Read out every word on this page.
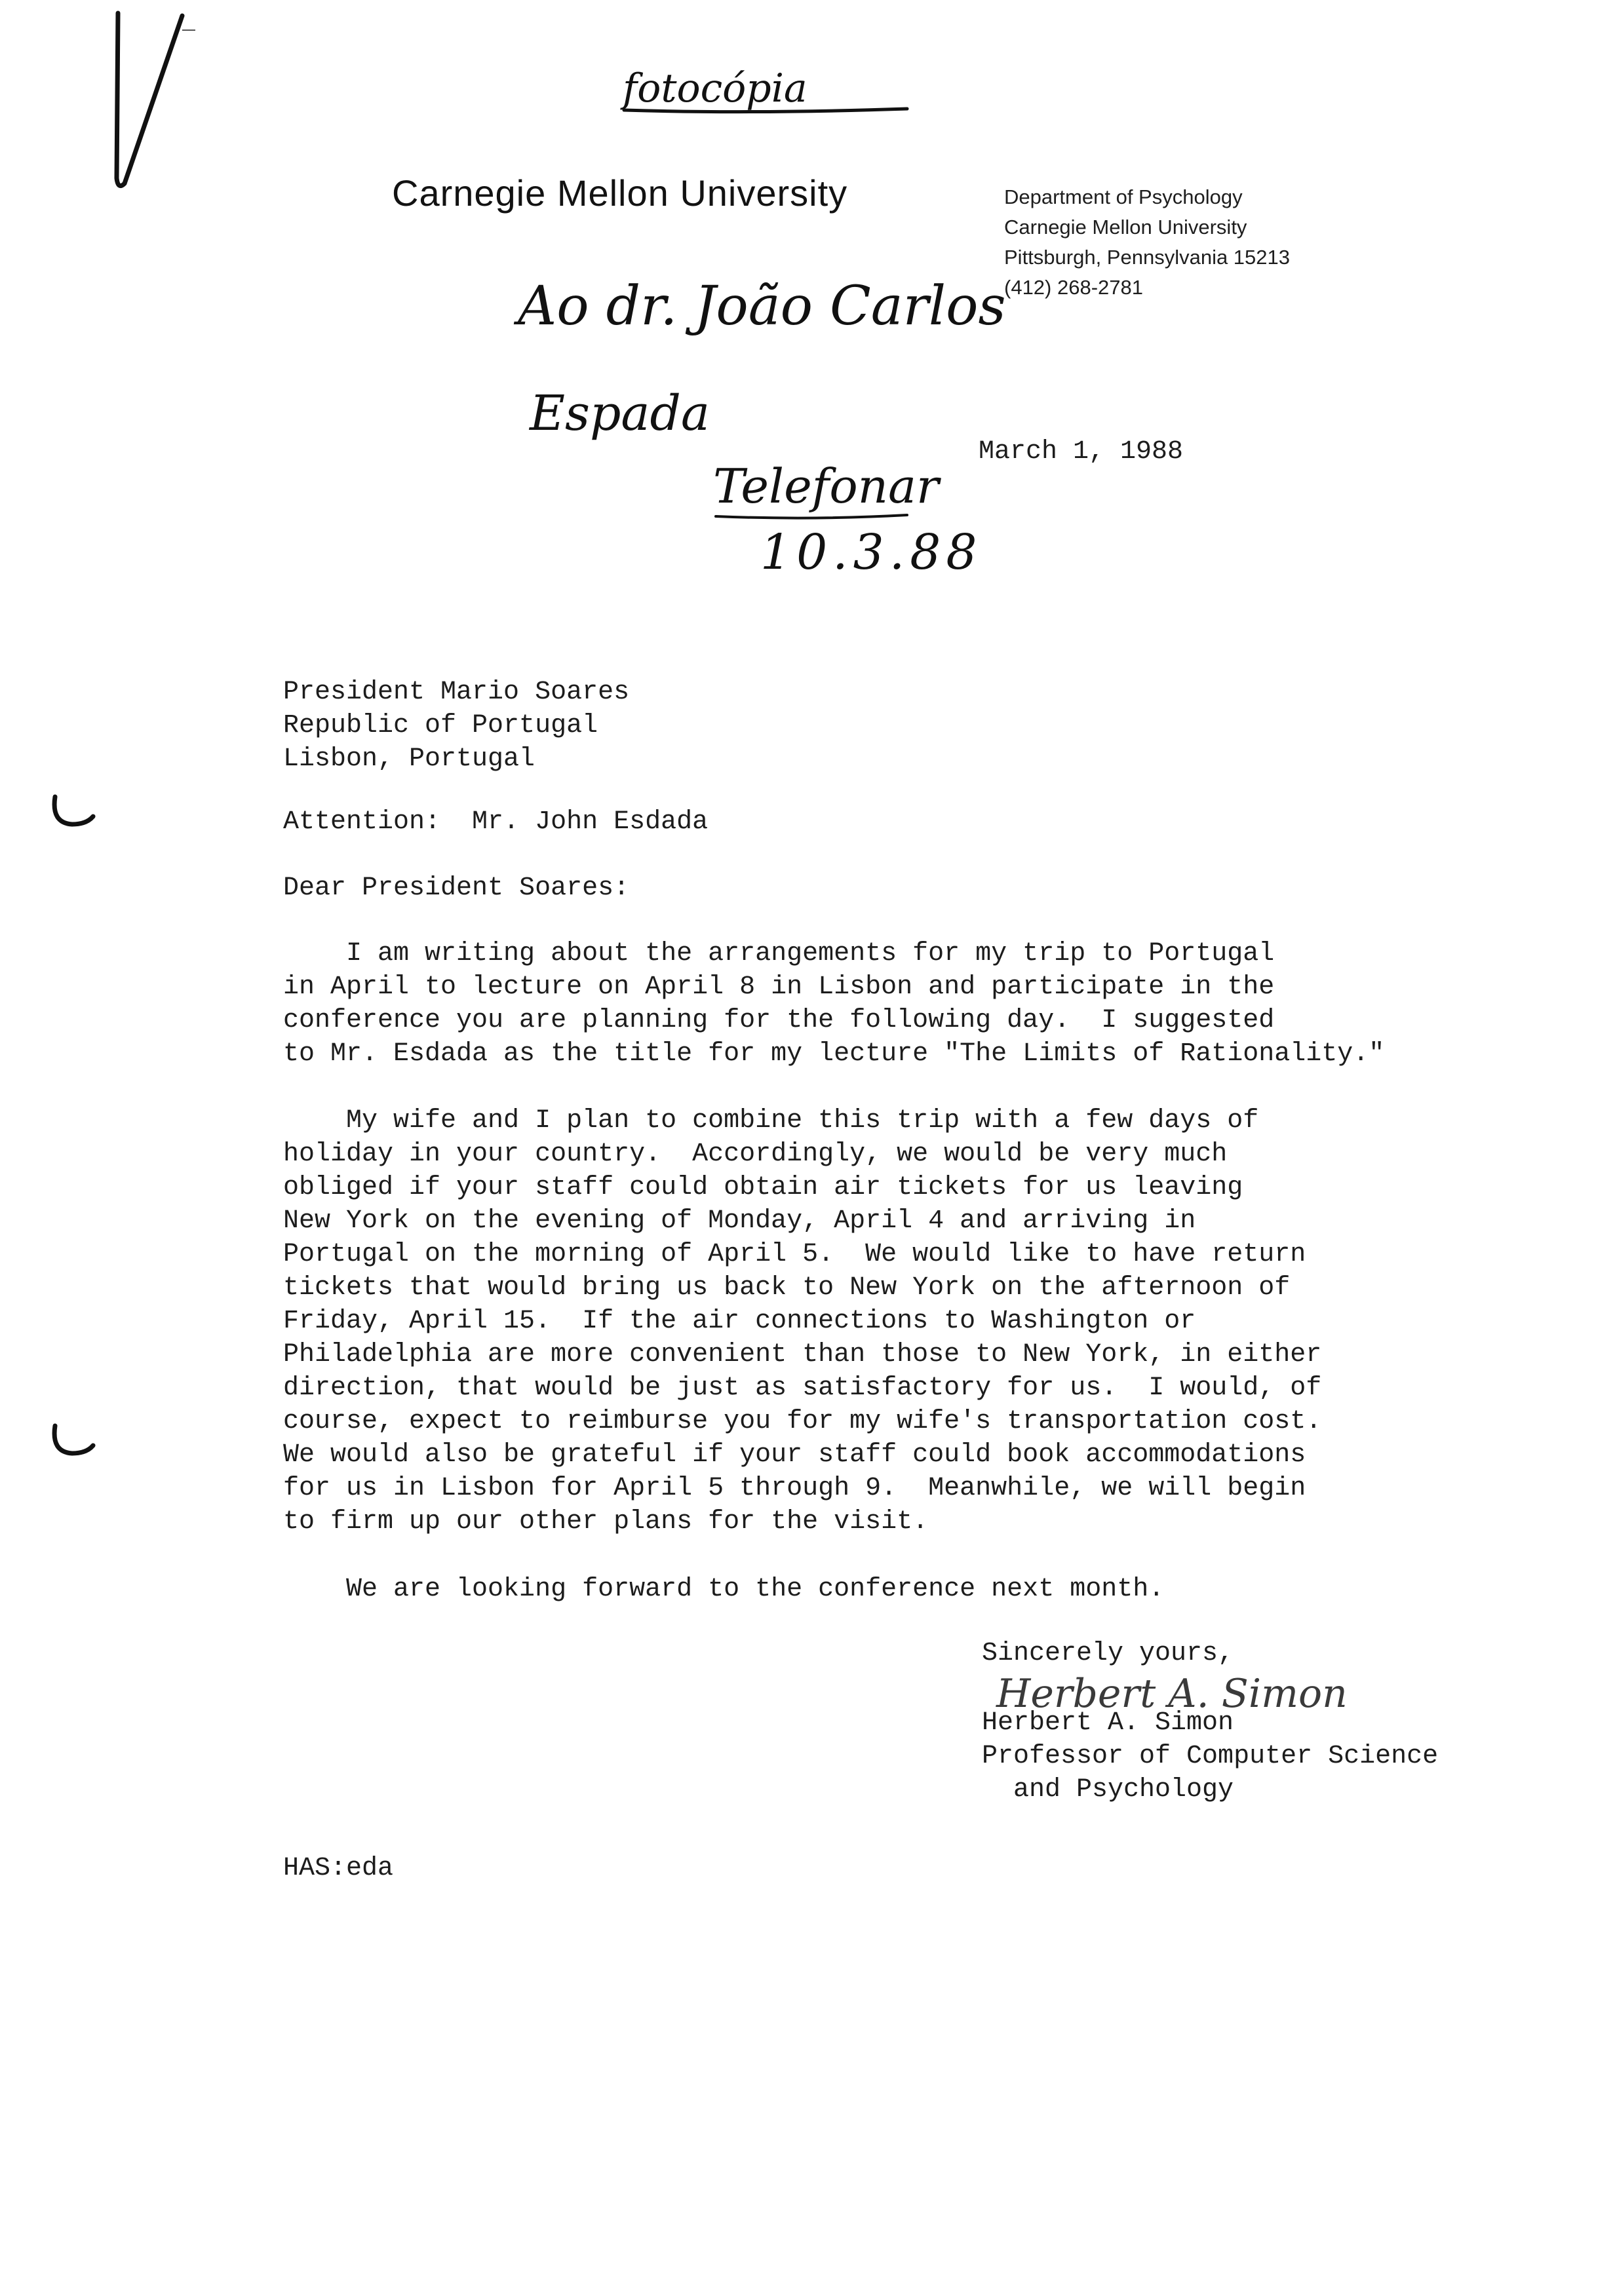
fotocópia
Carnegie Mellon University	Department of Psychology
Carnegie Mellon University
Pittsburgh, Pennsylvania 15213
(412) 268-2781
Ao dr. João Carlos
Espada
Telefonar
10.3.88
March 1, 1988
President Mario Soares
Republic of Portugal
Lisbon, Portugal
Attention:  Mr. John Esdada
Dear President Soares:
I am writing about the arrangements for my trip to Portugal
in April to lecture on April 8 in Lisbon and participate in the
conference you are planning for the following day.  I suggested
to Mr. Esdada as the title for my lecture "The Limits of Rationality."
My wife and I plan to combine this trip with a few days of
holiday in your country.  Accordingly, we would be very much
obliged if your staff could obtain air tickets for us leaving
New York on the evening of Monday, April 4 and arriving in
Portugal on the morning of April 5.  We would like to have return
tickets that would bring us back to New York on the afternoon of
Friday, April 15.  If the air connections to Washington or
Philadelphia are more convenient than those to New York, in either
direction, that would be just as satisfactory for us.  I would, of
course, expect to reimburse you for my wife's transportation cost.
We would also be grateful if your staff could book accommodations
for us in Lisbon for April 5 through 9.  Meanwhile, we will begin
to firm up our other plans for the visit.
We are looking forward to the conference next month.
Sincerely yours,
Herbert A. Simon
Professor of Computer Science
and Psychology
Herbert A. Simon
HAS:eda
